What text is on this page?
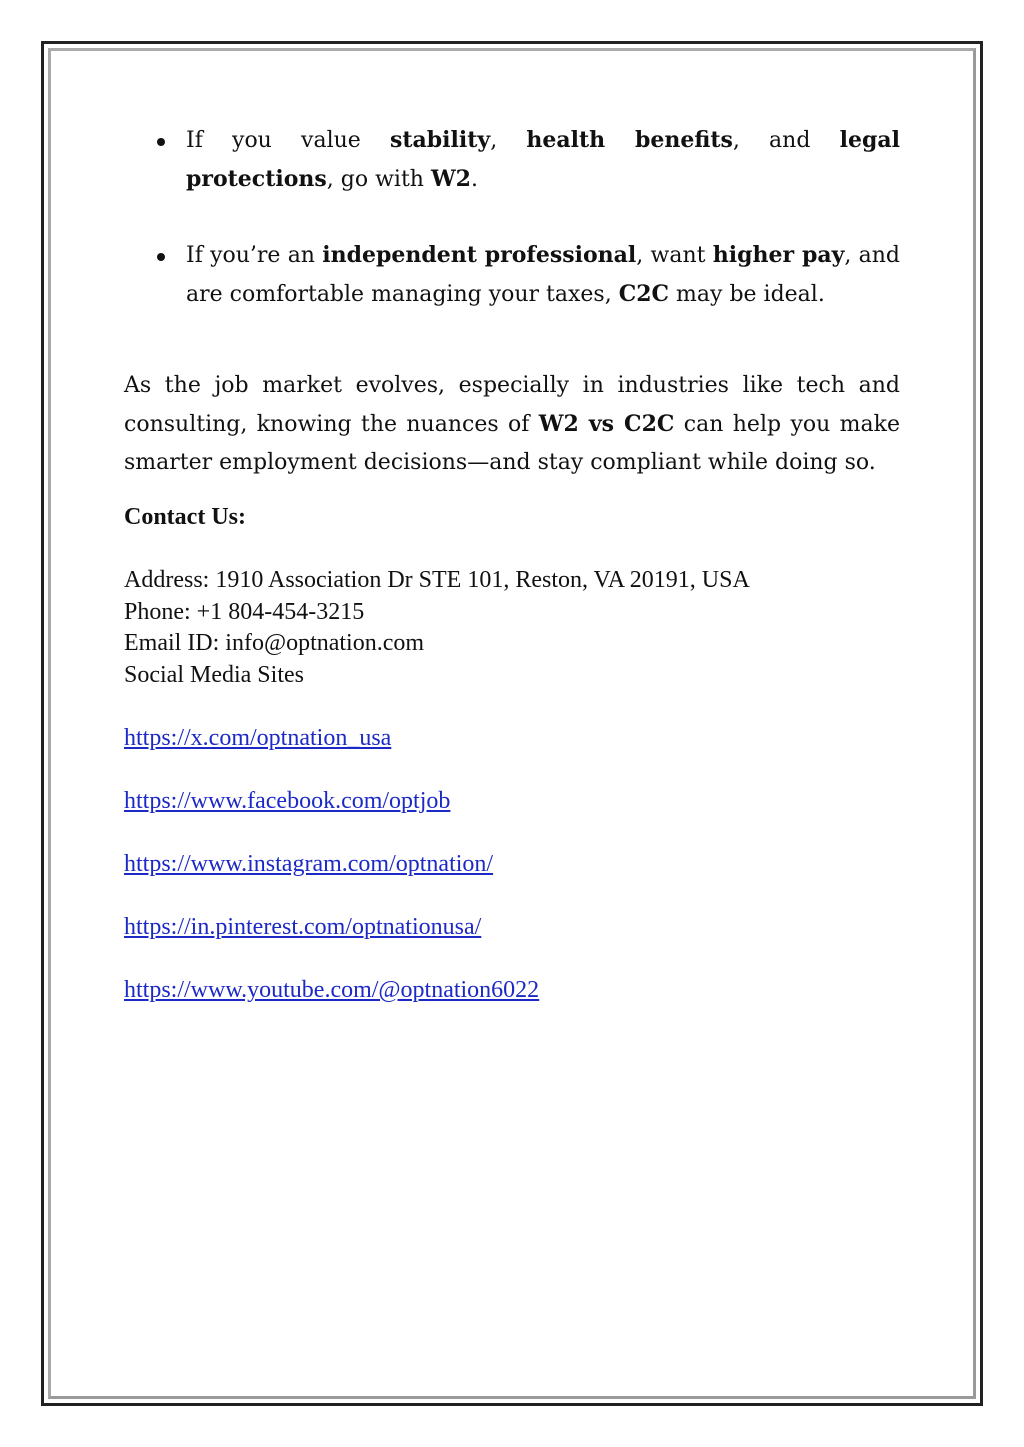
If you value stability, health benefits, and legal protections, go with W2.
If you’re an independent professional, want higher pay, and are comfortable managing your taxes, C2C may be ideal.

As the job market evolves, especially in industries like tech and consulting, knowing the nuances of W2 vs C2C can help you make smarter employment decisions—and stay compliant while doing so.

Contact Us:
Address: 1910 Association Dr STE 101, Reston, VA 20191, USA
Phone: +1 804-454-3215
Email ID: info@optnation.com
Social Media Sites
https://x.com/optnation_usa
https://www.facebook.com/optjob
https://www.instagram.com/optnation/
https://in.pinterest.com/optnationusa/
https://www.youtube.com/@optnation6022
